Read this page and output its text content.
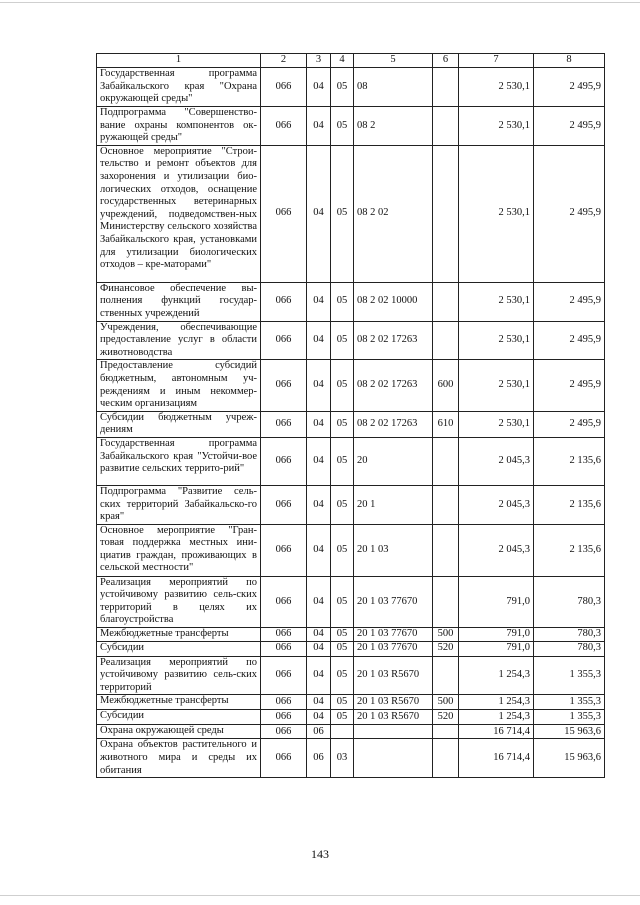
1	2	3	4	5	6	7	8
Государственная программа Забайкальского края "Охрана окружающей среды"	066	04	05	08		2 530,1	2 495,9
Подпрограмма "Совершенство-вание охраны компонентов ок-ружающей среды"	066	04	05	08 2		2 530,1	2 495,9
Основное мероприятие "Строи-тельство и ремонт объектов для захоронения и утилизации био-логических отходов, оснащение государственных ветеринарных учреждений, подведомствен-ных Министерству сельского хозяйства Забайкальского края, установками для утилизации биологических отходов – кре-маторами"	066	04	05	08 2 02		2 530,1	2 495,9
Финансовое обеспечение вы-полнения функций государ-ственных учреждений	066	04	05	08 2 02 10000		2 530,1	2 495,9
Учреждения, обеспечивающие предоставление услуг в области животноводства	066	04	05	08 2 02 17263		2 530,1	2 495,9
Предоставление субсидий бюджетным, автономным уч-реждениям и иным некоммер-ческим организациям	066	04	05	08 2 02 17263	600	2 530,1	2 495,9
Субсидии бюджетным учреж-дениям	066	04	05	08 2 02 17263	610	2 530,1	2 495,9
Государственная программа Забайкальского края "Устойчи-вое развитие сельских террито-рий"	066	04	05	20		2 045,3	2 135,6
Подпрограмма "Развитие сель-ских территорий Забайкальско-го края"	066	04	05	20 1		2 045,3	2 135,6
Основное мероприятие "Гран-товая поддержка местных ини-циатив граждан, проживающих в сельской местности"	066	04	05	20 1 03		2 045,3	2 135,6
Реализация мероприятий по устойчивому развитию сель-ских территорий в целях их благоустройства	066	04	05	20 1 03 77670		791,0	780,3
Межбюджетные трансферты	066	04	05	20 1 03 77670	500	791,0	780,3
Субсидии	066	04	05	20 1 03 77670	520	791,0	780,3
Реализация мероприятий по устойчивому развитию сель-ских территорий	066	04	05	20 1 03 R5670		1 254,3	1 355,3
Межбюджетные трансферты	066	04	05	20 1 03 R5670	500	1 254,3	1 355,3
Субсидии	066	04	05	20 1 03 R5670	520	1 254,3	1 355,3
Охрана окружающей среды	066	06				16 714,4	15 963,6
Охрана объектов растительного и животного мира и среды их обитания	066	06	03			16 714,4	15 963,6
143
